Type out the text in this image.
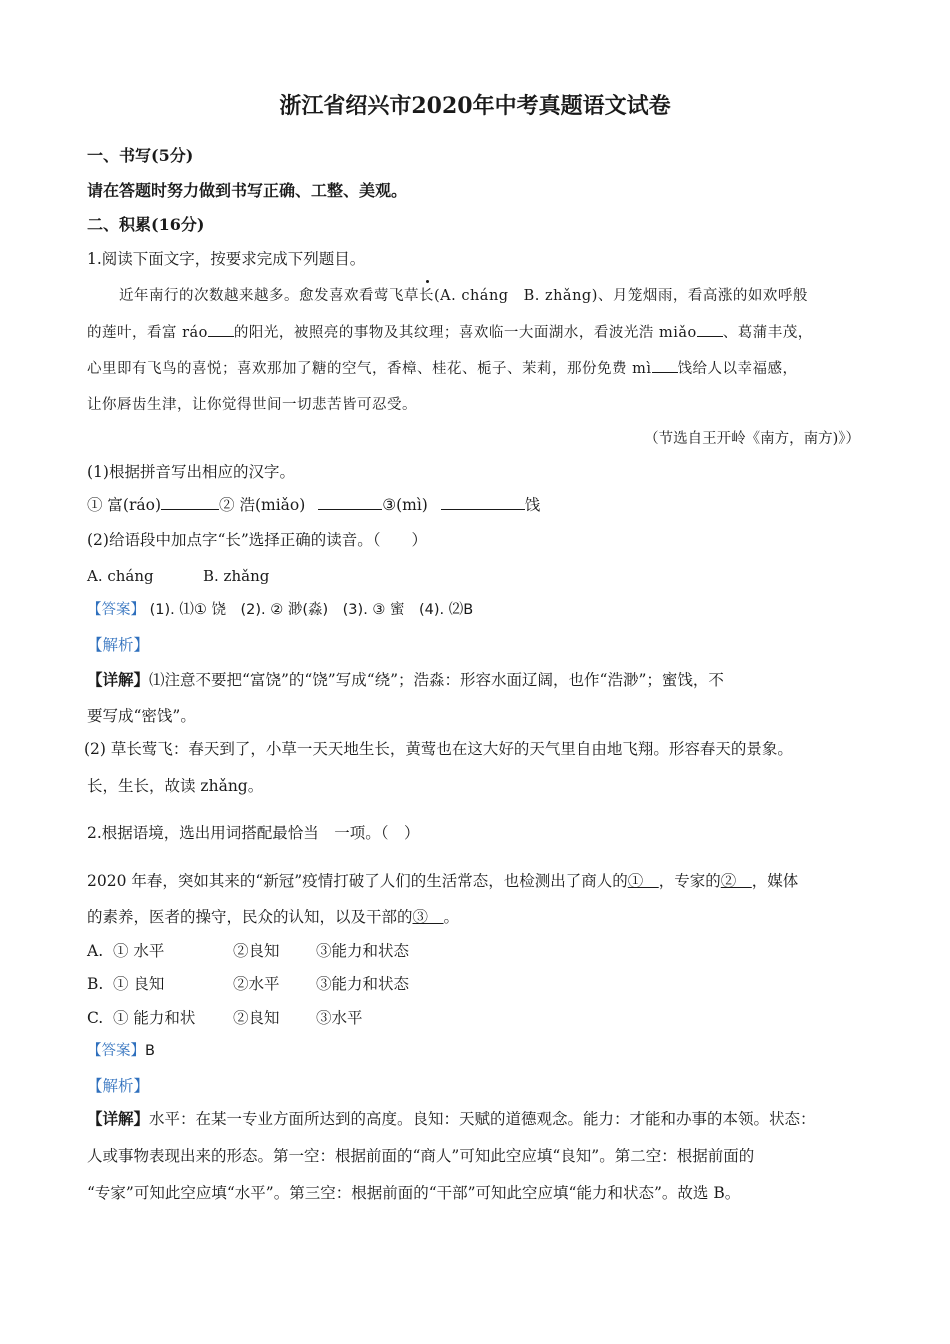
浙江省绍兴市2020年中考真题语文试卷
一、书写(5分)
请在答题时努力做到书写正确、工整、美观。
二、积累(16分)
1.阅读下面文字，按要求完成下列题目。
近年南行的次数越来越多。愈发喜欢看莺飞草长(A. cháng　B. zhǎng)、月笼烟雨，看高涨的如欢呼般
的莲叶，看富 ráo 的阳光，被照亮的事物及其纹理；喜欢临一大面湖水，看波光浩 miǎo 、葛蒲丰茂，
心里即有飞鸟的喜悦；喜欢那加了糖的空气，香樟、桂花、栀子、茉莉，那份免费 mì 饯给人以幸福感，
让你唇齿生津，让你觉得世间一切悲苦皆可忍受。
（节选自王开岭《南方，南方)》）
(1)根据拼音写出相应的汉字。
① 富(ráo)	② 浩(miǎo)	③(mì)	饯
(2)给语段中加点字“长”选择正确的读音。（　　）
A. cháng	B. zhǎng
【答案】 (1). ⑴① 饶　(2). ② 渺(淼)　(3). ③ 蜜　(4). ⑵B
【解析】
【详解】⑴注意不要把“富饶”的“饶”写成“绕”；浩淼：形容水面辽阔，也作“浩渺”；蜜饯，不
要写成“密饯”。
(2) 草长莺飞：春天到了，小草一天天地生长，黄莺也在这大好的天气里自由地飞翔。形容春天的景象。
长，生长，故读 zhǎng。
2.根据语境，选出用词搭配最恰当　一项。（　）
2020 年春，突如其来的“新冠”疫情打破了人们的生活常态，也检测出了商人的①　，专家的②　，媒体
的素养，医者的操守，民众的认知，以及干部的③　。
A. ① 水平	②良知 ③能力和状态
B. ① 良知	②水平 ③能力和状态
C. ① 能力和状 ②良知 ③水平
【答案】B
【解析】
【详解】水平：在某一专业方面所达到的高度。良知：天赋的道德观念。能力：才能和办事的本领。状态：
人或事物表现出来的形态。第一空：根据前面的“商人”可知此空应填“良知”。第二空：根据前面的
“专家”可知此空应填“水平”。第三空：根据前面的“干部”可知此空应填“能力和状态”。故选 B。
